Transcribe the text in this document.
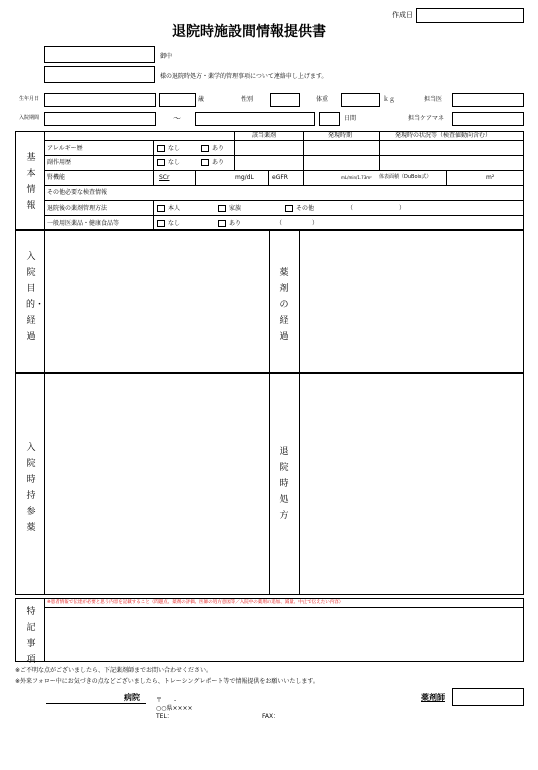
作成日
退院時施設間情報提供書
御中
様の退院時処方・薬学的管理事項について連絡申し上げます。
生年月日	歳	性別	体重	ｋｇ	担当医
入院期間	～	日間	担当ケアマネ
基本情報
該当薬剤	発現時期	発現時の状況等（検査値動向含む）
アレルギー歴	なし	あり
副作用歴	なし	あり
腎機能	SCr	mg/dL	eGFR	mL/min/1.73m² 体表面積（DuBois式）	m²
その他必要な検査情報
退院後の薬剤管理方法	本人	家族	その他	（	）
一般用医薬品・健康食品等	なし	あり	（	）
入院目的・経過
薬剤の経過
入院時持参薬
退院時処方
特記事項
※患者情報で伝達が必要と思う内容を記載すること（問題点、薬剤の評価、医師の処方意図等／入院中の薬剤の追加、減量、中止で伝えたい内容）
※ご不明な点がございましたら、下記薬剤師までお問い合わせください。
※外来フォロー中にお気づきの点などございましたら、トレーシングレポート等で情報提供をお願いいたします。
病院	〒　　-
○○県××××
TEL：	FAX：
薬剤師
